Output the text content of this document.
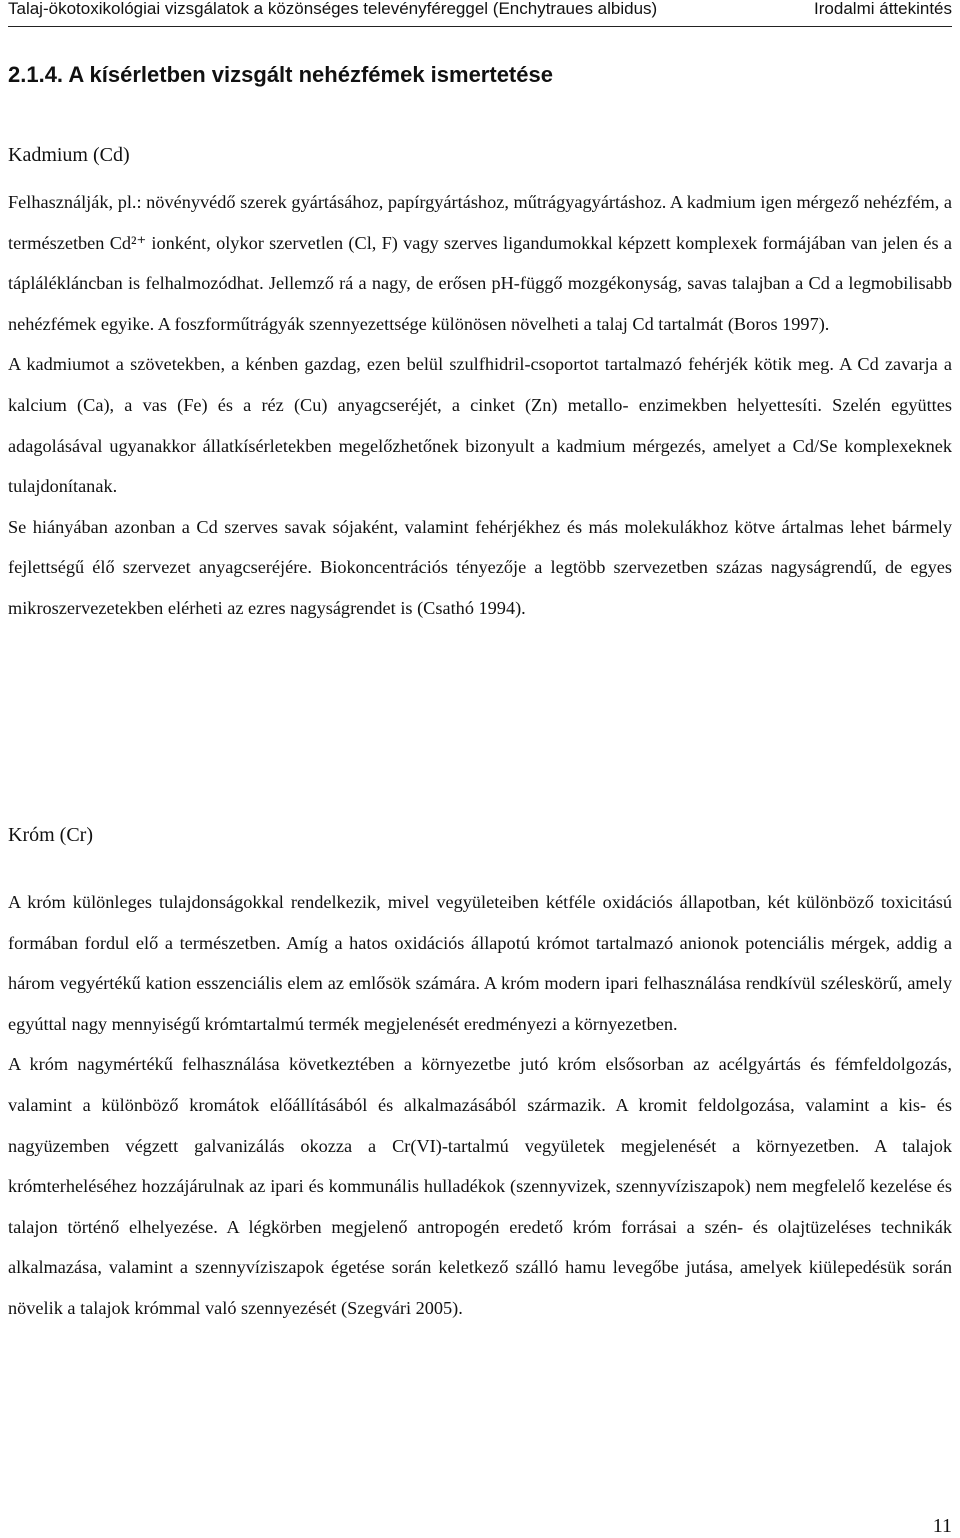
Talaj-ökotoxikológiai vizsgálatok a közönséges televényféreggel (Enchytraues albidus)	Irodalmi áttekintés
2.1.4. A kísérletben vizsgált nehézfémek ismertetése
Kadmium (Cd)

Felhasználják, pl.: növényvédő szerek gyártásához, papírgyártáshoz, műtrágyagyártáshoz. A kadmium igen mérgező nehézfém, a természetben Cd²⁺ ionként, olykor szervetlen (Cl, F) vagy szerves ligandumokkal képzett komplexek formájában van jelen és a táplálékláncban is felhalmozódhat. Jellemző rá a nagy, de erősen pH-függő mozgékonyság, savas talajban a Cd a legmobilisabb nehézfémek egyike. A foszforműtrágyák szennyezettsége különösen növelheti a talaj Cd tartalmát (Boros 1997).

A kadmiumot a szövetekben, a kénben gazdag, ezen belül szulfhidril-csoportot tartalmazó fehérjék kötik meg. A Cd zavarja a kalcium (Ca), a vas (Fe) és a réz (Cu) anyagcseréjét, a cinket (Zn) metallo- enzimekben helyettesíti. Szelén együttes adagolásával ugyanakkor állatkísérletekben megelőzhetőnek bizonyult a kadmium mérgezés, amelyet a Cd/Se komplexeknek tulajdonítanak.

Se hiányában azonban a Cd szerves savak sójaként, valamint fehérjékhez és más molekulákhoz kötve ártalmas lehet bármely fejlettségű élő szervezet anyagcseréjére. Biokoncentrációs tényezője a legtöbb szervezetben százas nagyságrendű, de egyes mikroszervezetekben elérheti az ezres nagyságrendet is (Csathó 1994).

Króm (Cr)

A króm különleges tulajdonságokkal rendelkezik, mivel vegyületeiben kétféle oxidációs állapotban, két különböző toxicitású formában fordul elő a természetben. Amíg a hatos oxidációs állapotú krómot tartalmazó anionok potenciális mérgek, addig a három vegyértékű kation esszenciális elem az emlősök számára. A króm modern ipari felhasználása rendkívül széleskörű, amely egyúttal nagy mennyiségű krómtartalmú termék megjelenését eredményezi a környezetben.

A króm nagymértékű felhasználása következtében a környezetbe jutó króm elsősorban az acélgyártás és fémfeldolgozás, valamint a különböző kromátok előállításából és alkalmazásából származik. A kromit feldolgozása, valamint a kis- és nagyüzemben végzett galvanizálás okozza a Cr(VI)-tartalmú vegyületek megjelenését a környezetben. A talajok krómterheléséhez hozzájárulnak az ipari és kommunális hulladékok (szennyvizek, szennyvíziszapok) nem megfelelő kezelése és talajon történő elhelyezése. A légkörben megjelenő antropogén eredető króm forrásai a szén- és olajtüzeléses technikák alkalmazása, valamint a szennyvíziszapok égetése során keletkező szálló hamu levegőbe jutása, amelyek kiülepedésük során növelik a talajok krómmal való szennyezését (Szegvári 2005).

11
